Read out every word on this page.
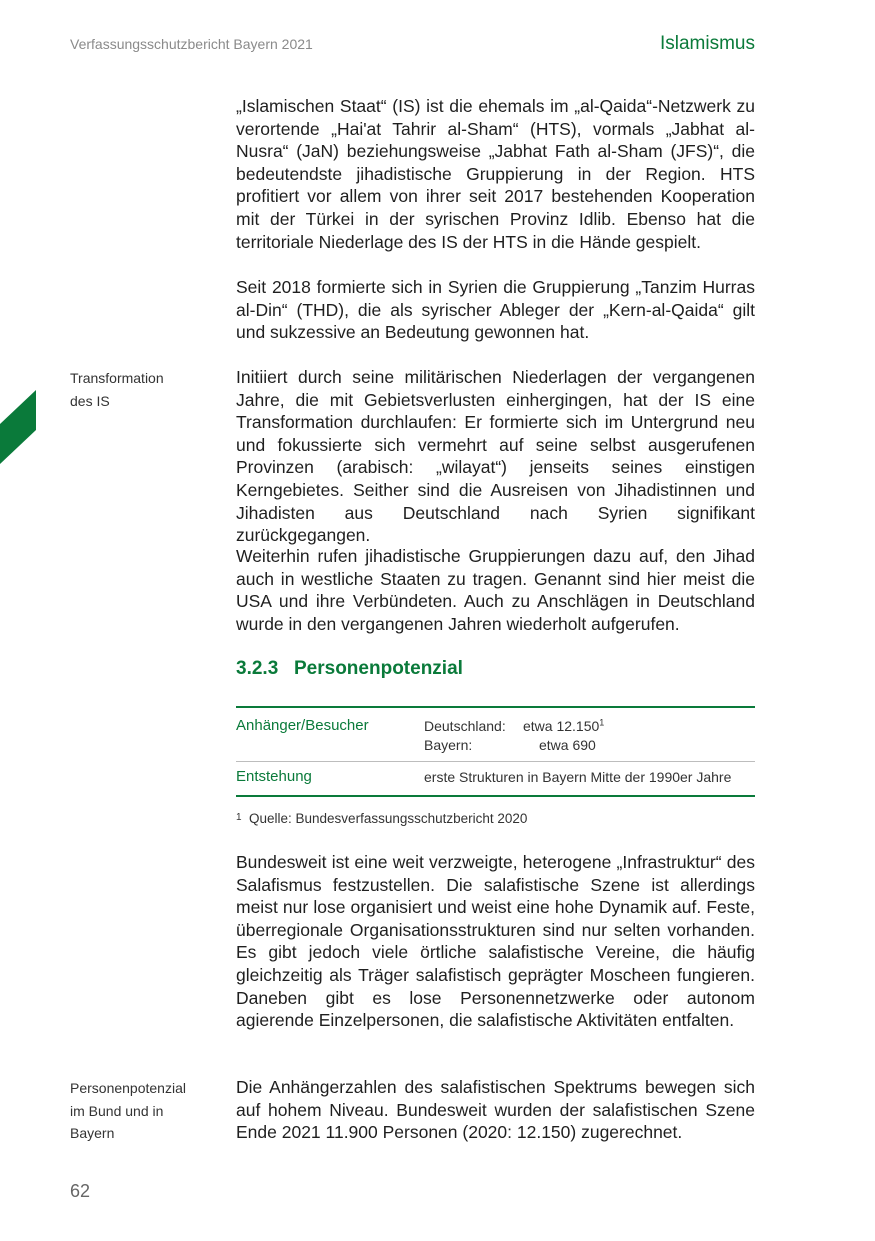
Verfassungsschutzbericht Bayern 2021	Islamismus
Transformation
des IS
Personenpotenzial
im Bund und in
Bayern

„Islamischen Staat“ (IS) ist die ehemals im „al-Qaida“-Netzwerk zu verortende „Hai'at Tahrir al-Sham“ (HTS), vormals „Jabhat al-Nusra“ (JaN) beziehungsweise „Jabhat Fath al-Sham (JFS)“, die bedeutendste jihadistische Gruppierung in der Region. HTS profitiert vor allem von ihrer seit 2017 bestehenden Kooperation mit der Türkei in der syrischen Provinz Idlib. Ebenso hat die territoriale Niederlage des IS der HTS in die Hände gespielt.

Seit 2018 formierte sich in Syrien die Gruppierung „Tanzim Hurras al-Din“ (THD), die als syrischer Ableger der „Kern-al-Qaida“ gilt und sukzessive an Bedeutung gewonnen hat.

Initiiert durch seine militärischen Niederlagen der vergangenen Jahre, die mit Gebietsverlusten einhergingen, hat der IS eine Transformation durchlaufen: Er formierte sich im Untergrund neu und fokussierte sich vermehrt auf seine selbst ausgerufenen Provinzen (arabisch: „wilayat“) jenseits seines einstigen Kerngebietes. Seither sind die Ausreisen von Jihadistinnen und Jihadisten aus Deutschland nach Syrien signifikant zurückgegangen.

Weiterhin rufen jihadistische Gruppierungen dazu auf, den Jihad auch in westliche Staaten zu tragen. Genannt sind hier meist die USA und ihre Verbündeten. Auch zu Anschlägen in Deutschland wurde in den vergangenen Jahren wiederholt aufgerufen.

3.2.3 Personenpotenzial
Anhänger/Besucher	Deutschland: etwa 12.150$^1$
Bayern:	etwa 690
Entstehung	erste Strukturen in Bayern Mitte der 1990er Jahre
1 Quelle: Bundesverfassungsschutzbericht 2020

Bundesweit ist eine weit verzweigte, heterogene „Infrastruktur“ des Salafismus festzustellen. Die salafistische Szene ist allerdings meist nur lose organisiert und weist eine hohe Dynamik auf. Feste, überregionale Organisationsstrukturen sind nur selten vorhanden. Es gibt jedoch viele örtliche salafistische Vereine, die häufig gleichzeitig als Träger salafistisch geprägter Moscheen fungieren. Daneben gibt es lose Personennetzwerke oder autonom agierende Einzelpersonen, die salafistische Aktivitäten entfalten.

Die Anhängerzahlen des salafistischen Spektrums bewegen sich auf hohem Niveau. Bundesweit wurden der salafistischen Szene Ende 2021 11.900 Personen (2020: 12.150) zugerechnet.

62
